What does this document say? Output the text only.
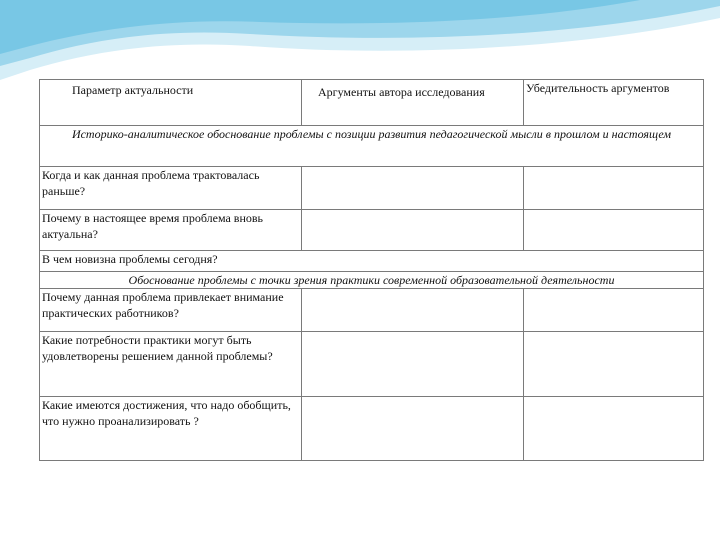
Параметр актуальности	Аргументы автора исследования	Убедительность аргументов
Историко-аналитическое обоснование проблемы с позиции развития педагогической мысли в прошлом и настоящем		
Когда и как данная проблема трактовалась раньше?		
Почему в настоящее время проблема вновь актуальна?		
В чем новизна проблемы сегодня?		
Обоснование проблемы с точки зрения практики современной образовательной деятельности		
Почему данная проблема привлекает внимание практических работников?		
Какие потребности практики могут быть удовлетворены решением данной проблемы?		
Какие имеются достижения, что надо обобщить, что нужно проанализировать ?		
